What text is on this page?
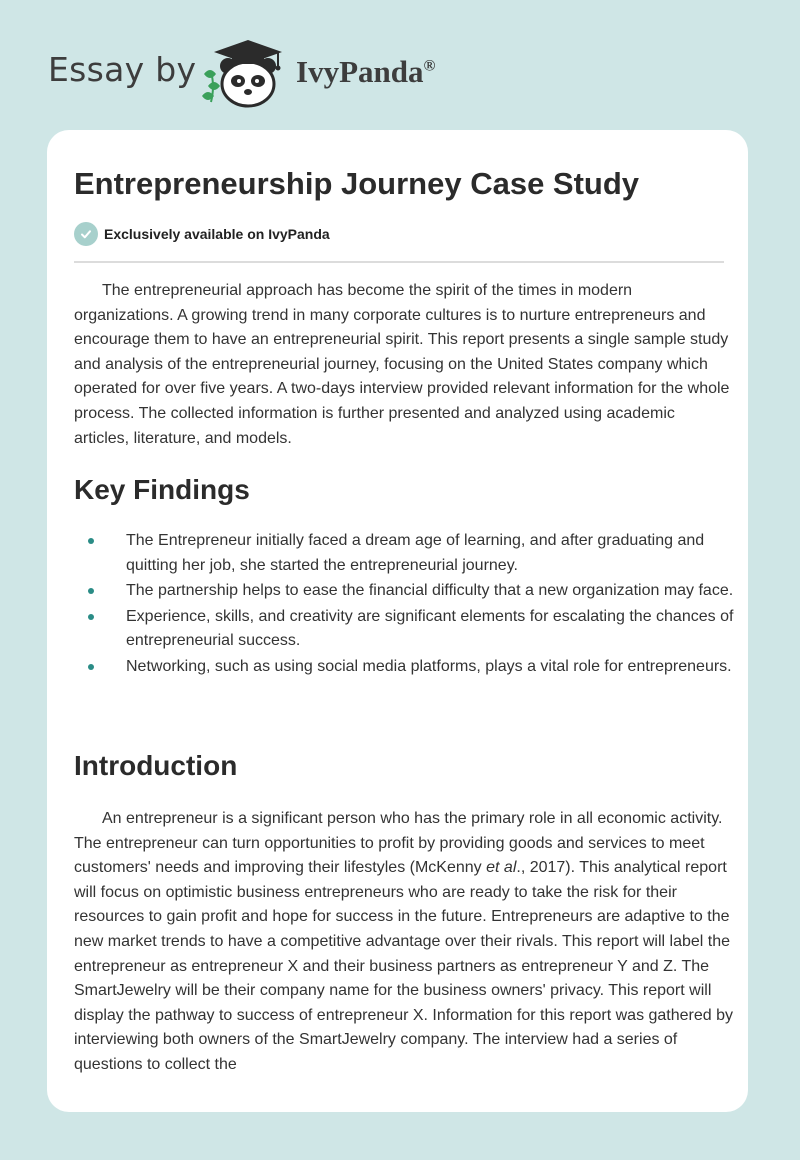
Essay by	IvyPanda®
Entrepreneurship Journey Case Study
Exclusively available on IvyPanda

The entrepreneurial approach has become the spirit of the times in modern organizations. A growing trend in many corporate cultures is to nurture entrepreneurs and encourage them to have an entrepreneurial spirit. This report presents a single sample study and analysis of the entrepreneurial journey, focusing on the United States company which operated for over five years. A two-days interview provided relevant information for the whole process. The collected information is further presented and analyzed using academic articles, literature, and models.

Key Findings
The Entrepreneur initially faced a dream age of learning, and after graduating and quitting her job, she started the entrepreneurial journey.
The partnership helps to ease the financial difficulty that a new organization may face.
Experience, skills, and creativity are significant elements for escalating the chances of entrepreneurial success.
Networking, such as using social media platforms, plays a vital role for entrepreneurs.
Introduction

An entrepreneur is a significant person who has the primary role in all economic activity. The entrepreneur can turn opportunities to profit by providing goods and services to meet customers' needs and improving their lifestyles (McKenny et al., 2017). This analytical report will focus on optimistic business entrepreneurs who are ready to take the risk for their resources to gain profit and hope for success in the future. Entrepreneurs are adaptive to the new market trends to have a competitive advantage over their rivals. This report will label the entrepreneur as entrepreneur X and their business partners as entrepreneur Y and Z. The SmartJewelry will be their company name for the business owners' privacy. This report will display the pathway to success of entrepreneur X. Information for this report was gathered by interviewing both owners of the SmartJewelry company. The interview had a series of questions to collect the
